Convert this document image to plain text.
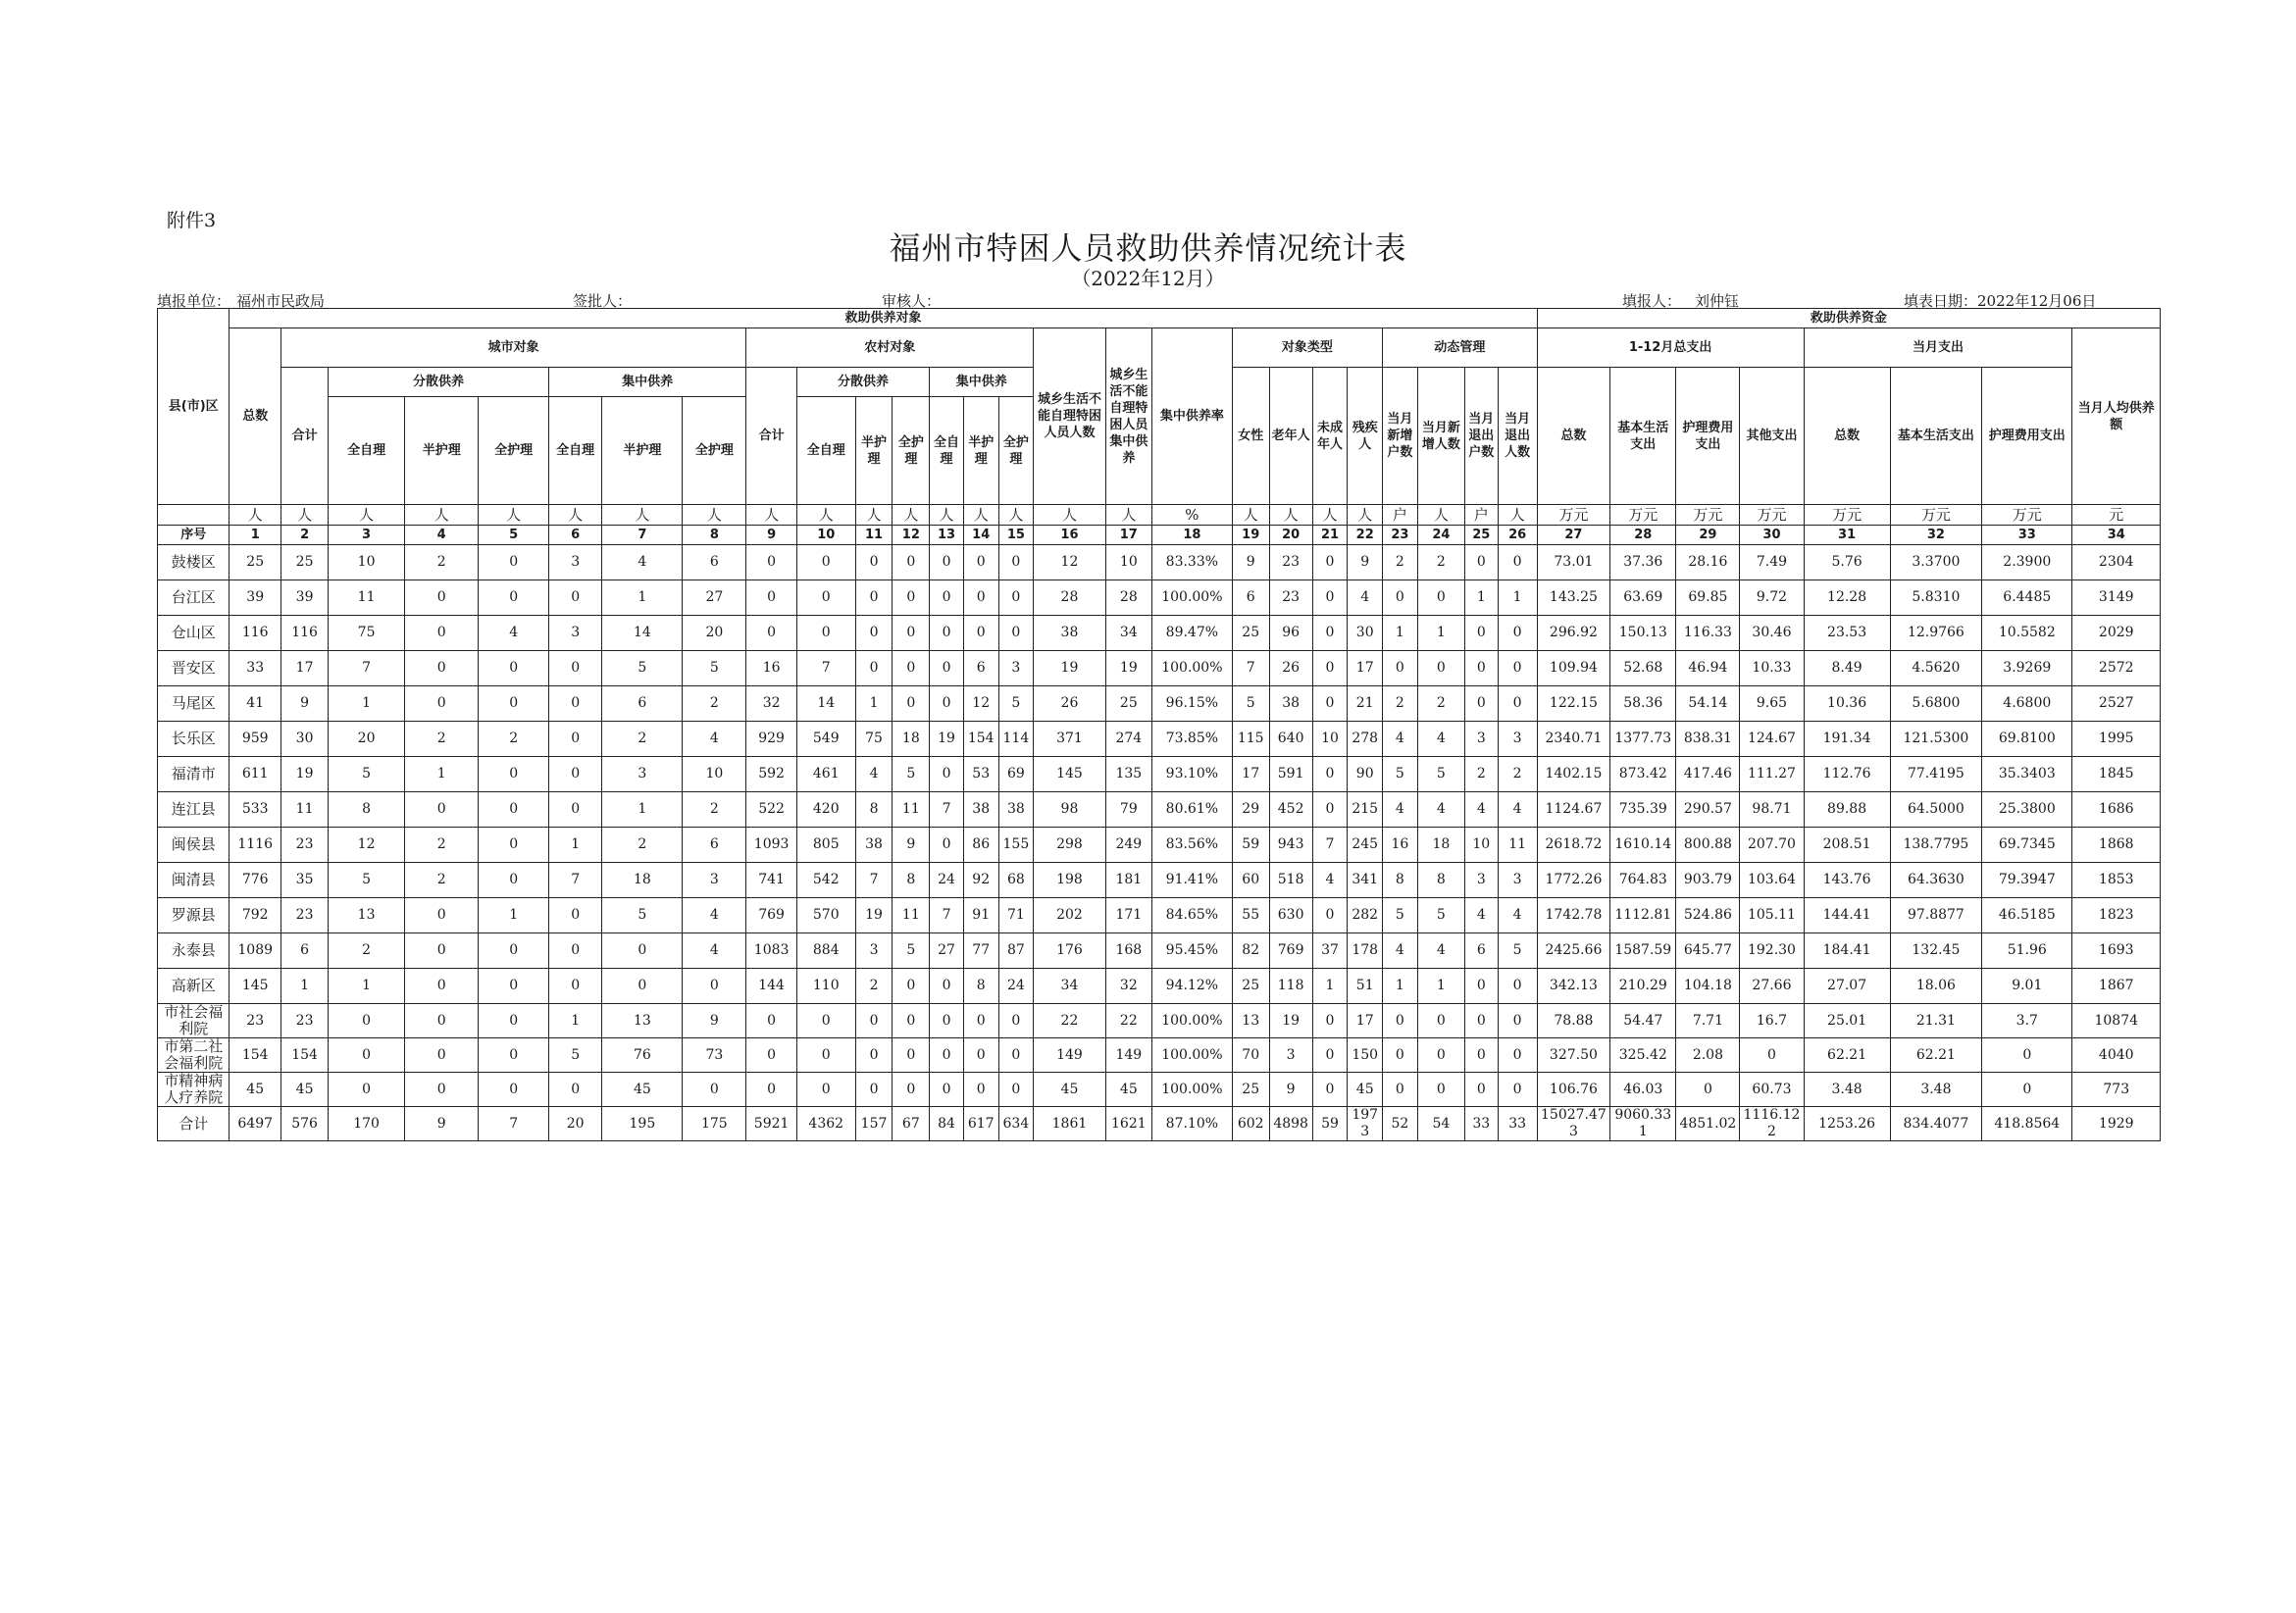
附件3
福州市特困人员救助供养情况统计表
（2022年12月）
填报单位： 福州市民政局	签批人：	审核人：	填报人： 刘仲钰	填表日期：2022年12月06日
县(市)区	救助供养对象																										救助供养资金							
	总数	城市对象							农村对象							城乡生活不能自理特困人员人数	城乡生活不能自理特困人员集中供养	集中供养率	对象类型				动态管理				1-12月总支出				当月支出			当月人均供养额
		合计	分散供养			集中供养			合计	分散供养			集中供养						女性	老年人	未成年人	残疾人	当月新增户数	当月新增人数	当月退出户数	当月退出人数	总数	基本生活支出	护理费用支出	其他支出	总数	基本生活支出	护理费用支出	
			全自理	半护理	全护理	全自理	半护理	全护理		全自理	半护理	全护理	全自理	半护理	全护理																			
	人	人	人	人	人	人	人	人	人	人	人	人	人	人	人	人	人	%	人	人	人	人	户	人	户	人	万元	万元	万元	万元	万元	万元	万元	元
序号	1	2	3	4	5	6	7	8	9	10	11	12	13	14	15	16	17	18	19	20	21	22	23	24	25	26	27	28	29	30	31	32	33	34
鼓楼区	25	25	10	2	0	3	4	6	0	0	0	0	0	0	0	12	10	83.33%	9	23	0	9	2	2	0	0	73.01	37.36	28.16	7.49	5.76	3.3700	2.3900	2304
台江区	39	39	11	0	0	0	1	27	0	0	0	0	0	0	0	28	28	100.00%	6	23	0	4	0	0	1	1	143.25	63.69	69.85	9.72	12.28	5.8310	6.4485	3149
仓山区	116	116	75	0	4	3	14	20	0	0	0	0	0	0	0	38	34	89.47%	25	96	0	30	1	1	0	0	296.92	150.13	116.33	30.46	23.53	12.9766	10.5582	2029
晋安区	33	17	7	0	0	0	5	5	16	7	0	0	0	6	3	19	19	100.00%	7	26	0	17	0	0	0	0	109.94	52.68	46.94	10.33	8.49	4.5620	3.9269	2572
马尾区	41	9	1	0	0	0	6	2	32	14	1	0	0	12	5	26	25	96.15%	5	38	0	21	2	2	0	0	122.15	58.36	54.14	9.65	10.36	5.6800	4.6800	2527
长乐区	959	30	20	2	2	0	2	4	929	549	75	18	19	154	114	371	274	73.85%	115	640	10	278	4	4	3	3	2340.71	1377.73	838.31	124.67	191.34	121.5300	69.8100	1995
福清市	611	19	5	1	0	0	3	10	592	461	4	5	0	53	69	145	135	93.10%	17	591	0	90	5	5	2	2	1402.15	873.42	417.46	111.27	112.76	77.4195	35.3403	1845
连江县	533	11	8	0	0	0	1	2	522	420	8	11	7	38	38	98	79	80.61%	29	452	0	215	4	4	4	4	1124.67	735.39	290.57	98.71	89.88	64.5000	25.3800	1686
闽侯县	1116	23	12	2	0	1	2	6	1093	805	38	9	0	86	155	298	249	83.56%	59	943	7	245	16	18	10	11	2618.72	1610.14	800.88	207.70	208.51	138.7795	69.7345	1868
闽清县	776	35	5	2	0	7	18	3	741	542	7	8	24	92	68	198	181	91.41%	60	518	4	341	8	8	3	3	1772.26	764.83	903.79	103.64	143.76	64.3630	79.3947	1853
罗源县	792	23	13	0	1	0	5	4	769	570	19	11	7	91	71	202	171	84.65%	55	630	0	282	5	5	4	4	1742.78	1112.81	524.86	105.11	144.41	97.8877	46.5185	1823
永泰县	1089	6	2	0	0	0	0	4	1083	884	3	5	27	77	87	176	168	95.45%	82	769	37	178	4	4	6	5	2425.66	1587.59	645.77	192.30	184.41	132.45	51.96	1693
高新区	145	1	1	0	0	0	0	0	144	110	2	0	0	8	24	34	32	94.12%	25	118	1	51	1	1	0	0	342.13	210.29	104.18	27.66	27.07	18.06	9.01	1867
市社会福利院	23	23	0	0	0	1	13	9	0	0	0	0	0	0	0	22	22	100.00%	13	19	0	17	0	0	0	0	78.88	54.47	7.71	16.7	25.01	21.31	3.7	10874
市第二社会福利院	154	154	0	0	0	5	76	73	0	0	0	0	0	0	0	149	149	100.00%	70	3	0	150	0	0	0	0	327.50	325.42	2.08	0	62.21	62.21	0	4040
市精神病人疗养院	45	45	0	0	0	0	45	0	0	0	0	0	0	0	0	45	45	100.00%	25	9	0	45	0	0	0	0	106.76	46.03	0	60.73	3.48	3.48	0	773
合计	6497	576	170	9	7	20	195	175	5921	4362	157	67	84	617	634	1861	1621	87.10%	602	4898	59	1973	52	54	33	33	15027.473	9060.331	4851.02	1116.122	1253.26	834.4077	418.8564	1929
